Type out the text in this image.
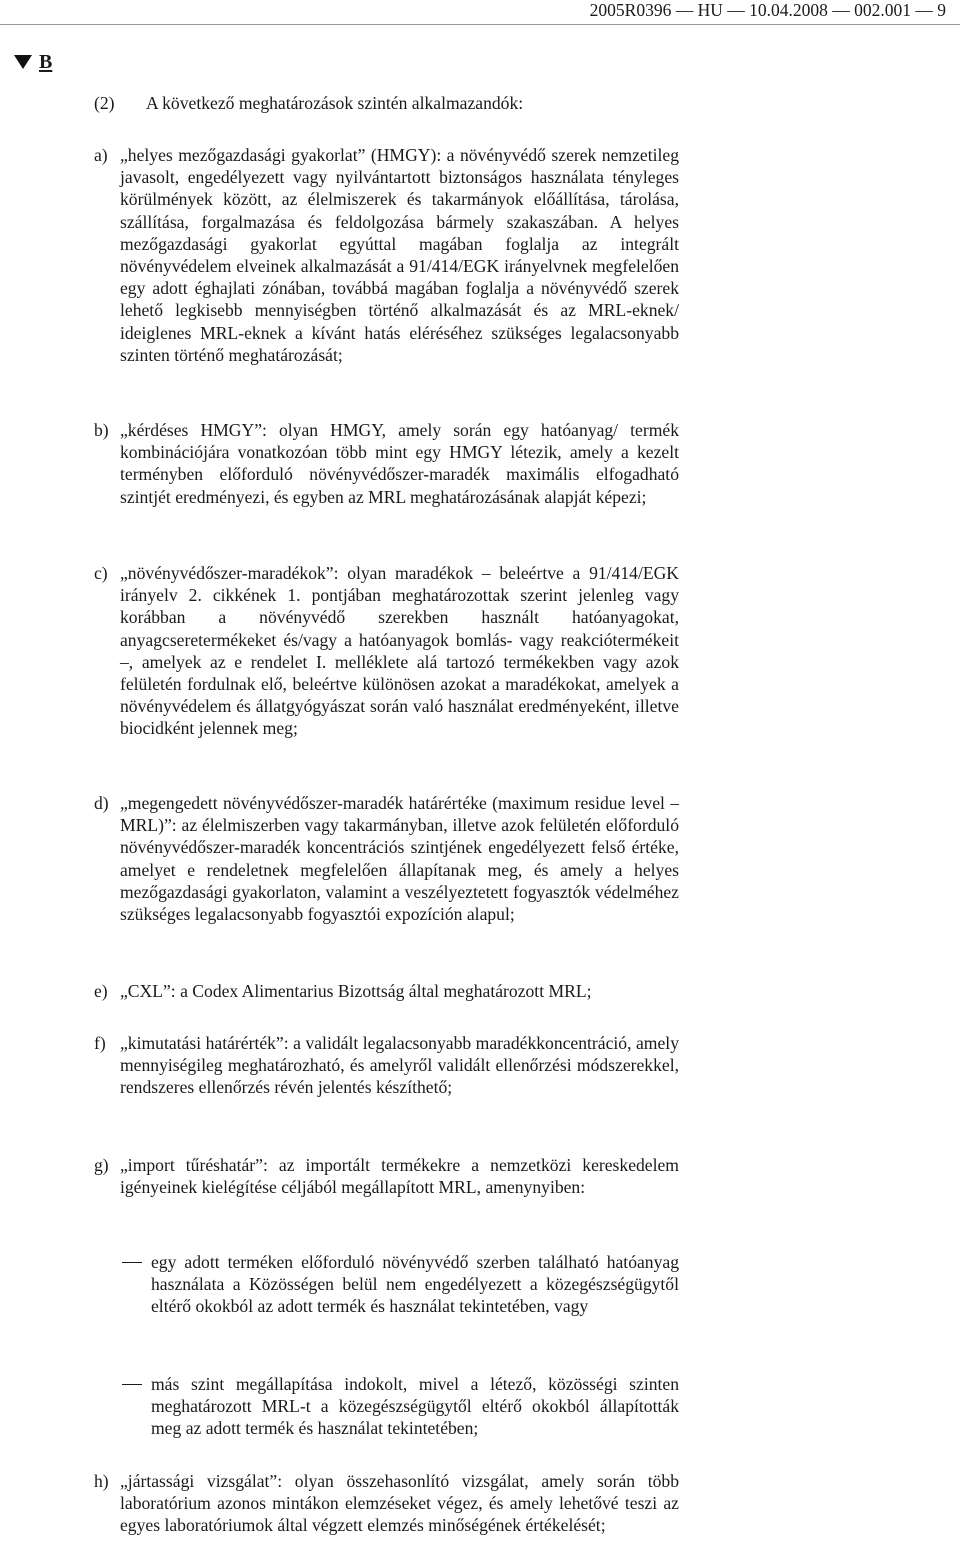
2005R0396 — HU — 10.04.2008 — 002.001 — 9
B
(2) A következő meghatározások szintén alkalmazandók:
a) „helyes mezőgazdasági gyakorlat” (HMGY): a növényvédő szerek nemzetileg javasolt, engedélyezett vagy nyilvántartott biztonságos használata tényleges körülmények között, az élelmiszerek és takarmányok előállítása, tárolása, szállítása, forgalmazása és feldolgozása bármely szakaszában. A helyes mezőgazdasági gyakorlat egyúttal magában foglalja az integrált növényvédelem elveinek alkalmazását a 91/414/EGK irányelvnek megfelelően egy adott éghajlati zónában, továbbá magában foglalja a növényvédő szerek lehető legkisebb mennyiségben történő alkalmazását és az MRL-eknek/ ideiglenes MRL-eknek a kívánt hatás eléréséhez szükséges legalacsonyabb szinten történő meghatározását;
b) „kérdéses HMGY”: olyan HMGY, amely során egy hatóanyag/ termék kombinációjára vonatkozóan több mint egy HMGY létezik, amely a kezelt terményben előforduló növényvédőszer-maradék maximális elfogadható szintjét eredményezi, és egyben az MRL meghatározásának alapját képezi;
c) „növényvédőszer-maradékok”: olyan maradékok – beleértve a 91/414/EGK irányelv 2. cikkének 1. pontjában meghatározottak szerint jelenleg vagy korábban a növényvédő szerekben használt hatóanyagokat, anyagcseretermékeket és/vagy a hatóanyagok bomlás- vagy reakciótermékeit –, amelyek az e rendelet I. melléklete alá tartozó termékekben vagy azok felületén fordulnak elő, beleértve különösen azokat a maradékokat, amelyek a növényvédelem és állatgyógyászat során való használat eredményeként, illetve biocidként jelennek meg;
d) „megengedett növényvédőszer-maradék határértéke (maximum residue level – MRL)”: az élelmiszerben vagy takarmányban, illetve azok felületén előforduló növényvédőszer-maradék koncentrációs szintjének engedélyezett felső értéke, amelyet e rendeletnek megfelelően állapítanak meg, és amely a helyes mezőgazdasági gyakorlaton, valamint a veszélyeztetett fogyasztók védelméhez szükséges legalacsonyabb fogyasztói expozíción alapul;
e) „CXL”: a Codex Alimentarius Bizottság által meghatározott MRL;
f) „kimutatási határérték”: a validált legalacsonyabb maradékkoncentráció, amely mennyiségileg meghatározható, és amelyről validált ellenőrzési módszerekkel, rendszeres ellenőrzés révén jelentés készíthető;
g) „import tűréshatár”: az importált termékekre a nemzetközi kereskedelem igényeinek kielégítése céljából megállapított MRL, amenynyiben:
egy adott terméken előforduló növényvédő szerben található hatóanyag használata a Közösségen belül nem engedélyezett a közegészségügytől eltérő okokból az adott termék és használat tekintetében, vagy
más szint megállapítása indokolt, mivel a létező, közösségi szinten meghatározott MRL-t a közegészségügytől eltérő okokból állapították meg az adott termék és használat tekintetében;
h) „jártassági vizsgálat”: olyan összehasonlító vizsgálat, amely során több laboratórium azonos mintákon elemzéseket végez, és amely lehetővé teszi az egyes laboratóriumok által végzett elemzés minőségének értékelését;
